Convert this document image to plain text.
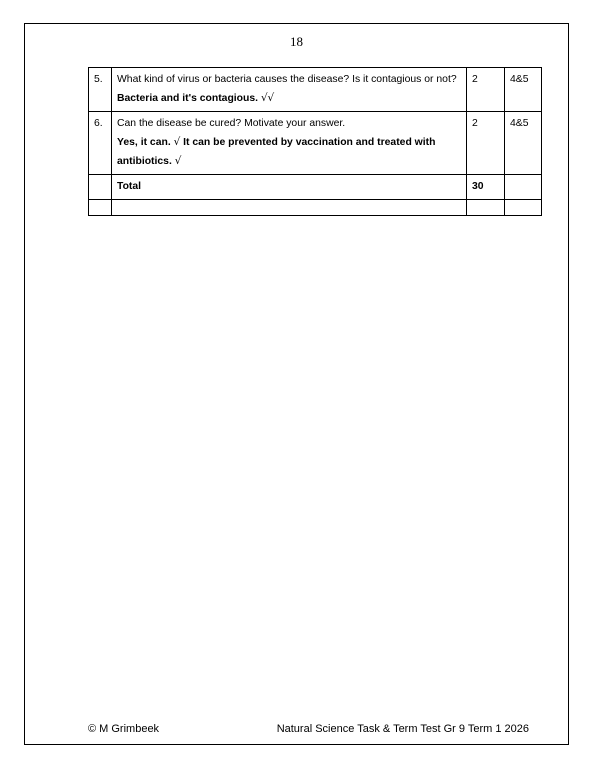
18
5.	What kind of virus or bacteria causes the disease? Is it contagious or not?
Bacteria and it's contagious. √√	2	4&5
6.	Can the disease be cured? Motivate your answer.
Yes, it can. √ It can be prevented by vaccination and treated with antibiotics. √	2	4&5
	Total	30	

© M Grimbeek	Natural Science Task & Term Test Gr 9 Term 1 2026
